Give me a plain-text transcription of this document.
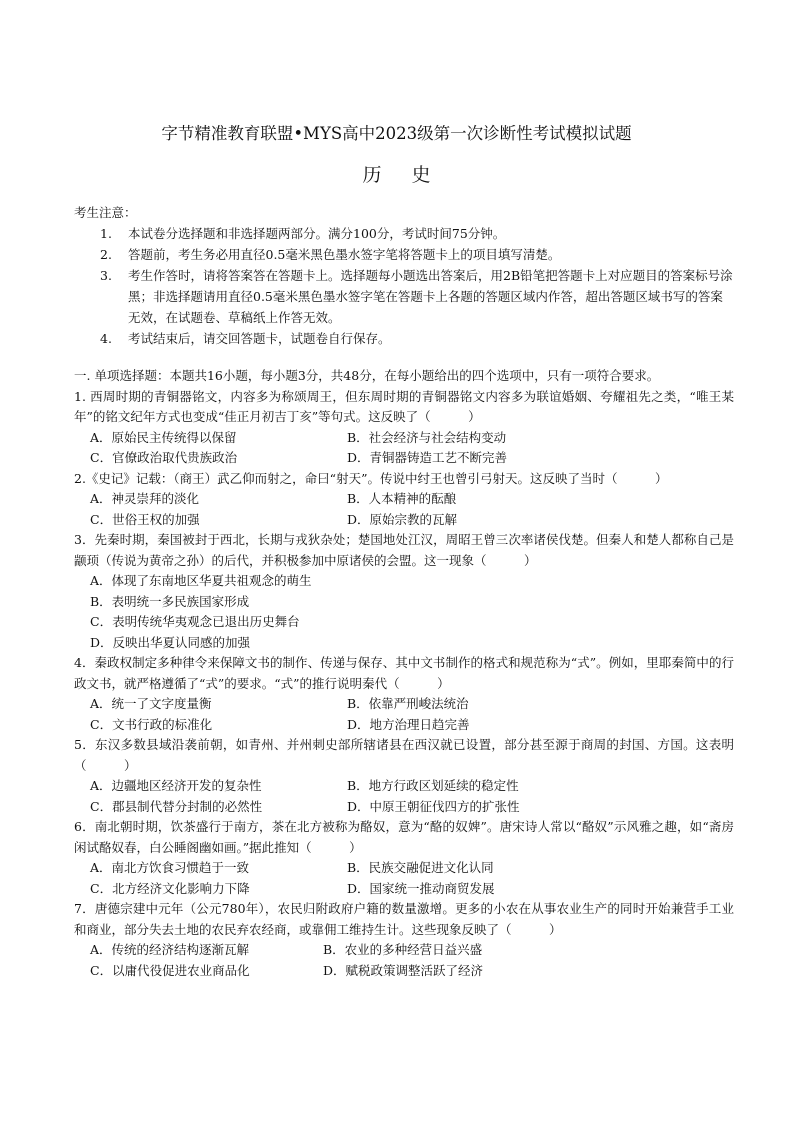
字节精准教育联盟•MYS高中2023级第一次诊断性考试模拟试题
历史
考生注意：
1.	本试卷分选择题和非选择题两部分。满分100分，考试时间75分钟。
2.	答题前，考生务必用直径0.5毫米黑色墨水签字笔将答题卡上的项目填写清楚。
3.	考生作答时，请将答案答在答题卡上。选择题每小题选出答案后，用2B铅笔把答题卡上对应题目的答案标号涂黑；非选择题请用直径0.5毫米黑色墨水签字笔在答题卡上各题的答题区域内作答，超出答题区域书写的答案无效，在试题卷、草稿纸上作答无效。
4.	考试结束后，请交回答题卡，试题卷自行保存。
一. 单项选择题：本题共16小题，每小题3分，共48分，在每小题给出的四个选项中，只有一项符合要求。
1. 西周时期的青铜器铭文，内容多为称颂周王，但东周时期的青铜器铭文内容多为联谊婚姻、夸耀祖先之类，“唯王某年”的铭文纪年方式也变成“佳正月初吉丁亥”等句式。这反映了（　　　）
A．原始民主传统得以保留	B．社会经济与社会结构变动
C．官僚政治取代贵族政治	D．青铜器铸造工艺不断完善
2.《史记》记载：（商王）武乙仰而射之，命曰“射天”。传说中纣王也曾引弓射天。这反映了当时（　　　）
A．神灵崇拜的淡化	B．人本精神的酝酿
C．世俗王权的加强	D．原始宗教的瓦解
3．先秦时期，秦国被封于西北，长期与戎狄杂处；楚国地处江汉，周昭王曾三次率诸侯伐楚。但秦人和楚人都称自己是颛顼（传说为黄帝之孙）的后代，并积极参加中原诸侯的会盟。这一现象（　　　）
A．体现了东南地区华夏共祖观念的萌生
B．表明统一多民族国家形成
C．表明传统华夷观念已退出历史舞台
D．反映出华夏认同感的加强
4．秦政权制定多种律令来保障文书的制作、传递与保存、其中文书制作的格式和规范称为“式”。例如，里耶秦简中的行政文书，就严格遵循了“式”的要求。“式”的推行说明秦代（　　　）
A．统一了文字度量衡	B．依靠严刑峻法统治
C．文书行政的标准化	D．地方治理日趋完善
5．东汉多数县域沿袭前朝，如青州、并州刺史部所辖诸县在西汉就已设置，部分甚至源于商周的封国、方国。这表明（　　　）
A．边疆地区经济开发的复杂性	B．地方行政区划延续的稳定性
C．郡县制代替分封制的必然性	D．中原王朝征伐四方的扩张性
6．南北朝时期，饮茶盛行于南方，茶在北方被称为酪奴，意为“酪的奴婢”。唐宋诗人常以“酪奴”示风雅之趣，如“斋房闲试酪奴春，白公睡阁幽如画。”据此推知（　　　）
A．南北方饮食习惯趋于一致	B．民族交融促进文化认同
C．北方经济文化影响力下降	D．国家统一推动商贸发展
7．唐德宗建中元年（公元780年），农民归附政府户籍的数量激增。更多的小农在从事农业生产的同时开始兼营手工业和商业，部分失去土地的农民弃农经商，或靠佣工维持生计。这些现象反映了（　　　）
A．传统的经济结构逐渐瓦解	B．农业的多种经营日益兴盛
C．以庸代役促进农业商品化	D．赋税政策调整活跃了经济
